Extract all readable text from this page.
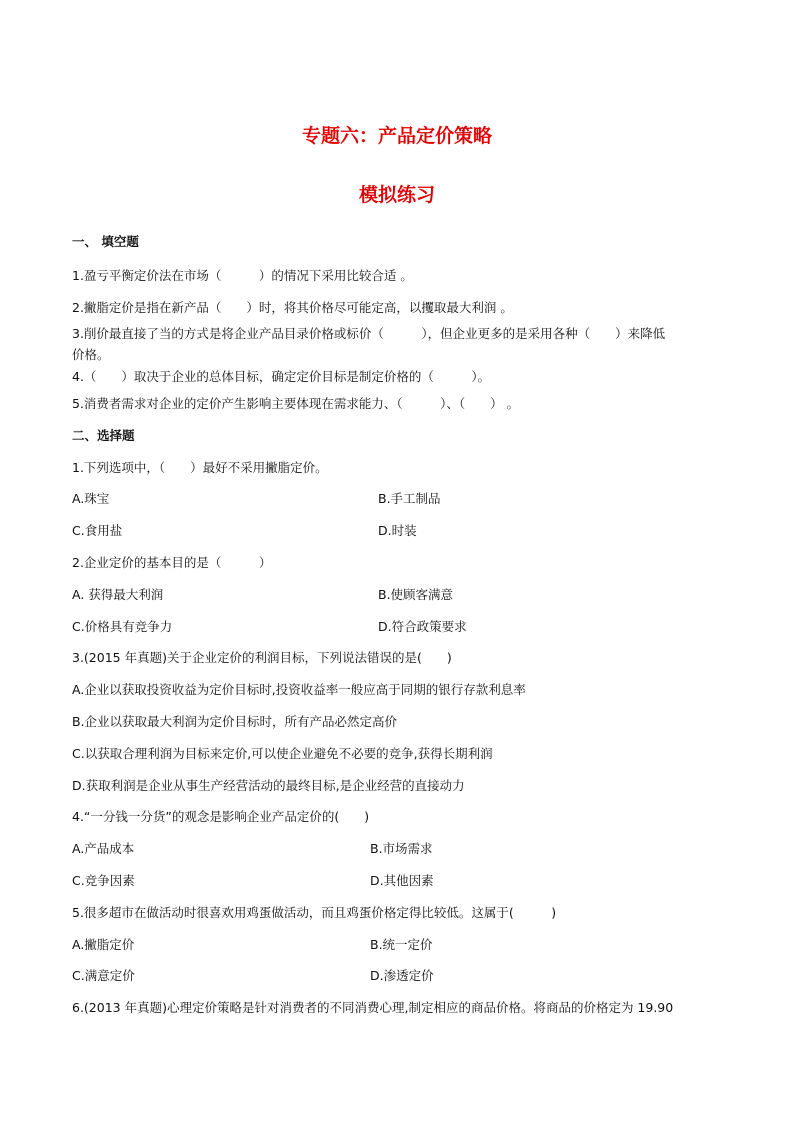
专题六：产品定价策略
模拟练习
一、 填空题
1.盈亏平衡定价法在市场（　　　）的情况下采用比较合适 。
2.撇脂定价是指在新产品（　　）时，将其价格尽可能定高，以攫取最大利润 。
3.削价最直接了当的方式是将企业产品目录价格或标价（　　　），但企业更多的是采用各种（　　）来降低
价格。
4.（　　）取决于企业的总体目标，确定定价目标是制定价格的（　　　）。
5.消费者需求对企业的定价产生影响主要体现在需求能力、（　　　）、（　　） 。
二、选择题
1.下列选项中，（　　）最好不采用撇脂定价。
A.珠宝	B.手工制品
C.食用盐	D.时装
2.企业定价的基本目的是（　　　）
A. 获得最大利润	B.使顾客满意
C.价格具有竞争力	D.符合政策要求
3.(2015 年真题)关于企业定价的利润目标，下列说法错误的是(　　)
A.企业以获取投资收益为定价目标时,投资收益率一般应高于同期的银行存款利息率
B.企业以获取最大利润为定价目标时，所有产品必然定高价
C.以获取合理利润为目标来定价,可以使企业避免不必要的竞争,获得长期利润
D.获取利润是企业从事生产经营活动的最终目标,是企业经营的直接动力
4.“一分钱一分货”的观念是影响企业产品定价的(　　)
A.产品成本	B.市场需求
C.竞争因素	D.其他因素
5.很多超市在做活动时很喜欢用鸡蛋做活动，而且鸡蛋价格定得比较低。这属于(　　　)
A.撇脂定价	B.统一定价
C.满意定价	D.渗透定价
6.(2013 年真题)心理定价策略是针对消费者的不同消费心理,制定相应的商品价格。将商品的价格定为 19.90
